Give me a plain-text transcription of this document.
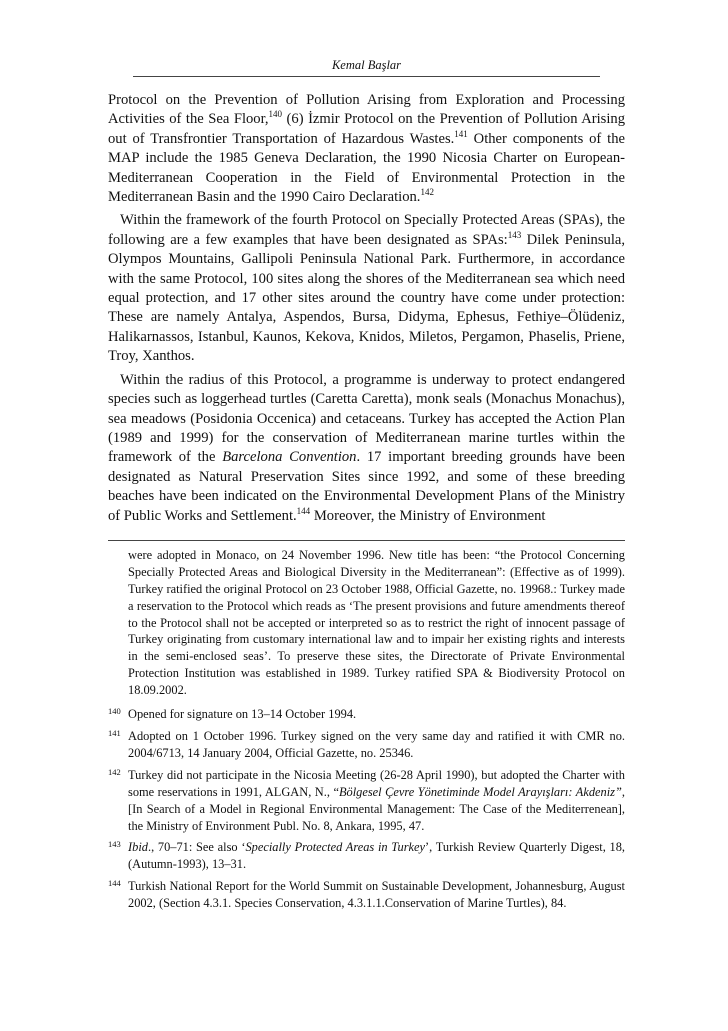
Kemal Başlar

Protocol on the Prevention of Pollution Arising from Exploration and Processing Activities of the Sea Floor,$^{140}$ (6) İzmir Protocol on the Prevention of Pollution Arising out of Transfrontier Transportation of Hazardous Wastes.$^{141}$ Other components of the MAP include the 1985 Geneva Declaration, the 1990 Nicosia Charter on European-Mediterranean Cooperation in the Field of Environmental Protection in the Mediterranean Basin and the 1990 Cairo Declaration.$^{142}$

Within the framework of the fourth Protocol on Specially Protected Areas (SPAs), the following are a few examples that have been designated as SPAs:$^{143}$ Dilek Peninsula, Olympos Mountains, Gallipoli Peninsula National Park. Furthermore, in accordance with the same Protocol, 100 sites along the shores of the Mediterranean sea which need equal protection, and 17 other sites around the country have come under protection: These are namely Antalya, Aspendos, Bursa, Didyma, Ephesus, Fethiye–Ölüdeniz, Halikarnassos, Istanbul, Kaunos, Kekova, Knidos, Miletos, Pergamon, Phaselis, Priene, Troy, Xanthos.

Within the radius of this Protocol, a programme is underway to protect endangered species such as loggerhead turtles (Caretta Caretta), monk seals (Monachus Monachus), sea meadows (Posidonia Occenica) and cetaceans. Turkey has accepted the Action Plan (1989 and 1999) for the conservation of Mediterranean marine turtles within the framework of the Barcelona Convention. 17 important breeding grounds have been designated as Natural Preservation Sites since 1992, and some of these breeding beaches have been indicated on the Environmental Development Plans of the Ministry of Public Works and Settlement.$^{144}$ Moreover, the Ministry of Environment

were adopted in Monaco, on 24 November 1996. New title has been: “the Protocol Concerning Specially Protected Areas and Biological Diversity in the Mediterranean”: (Effective as of 1999). Turkey ratified the original Protocol on 23 October 1988, Official Gazette, no. 19968.: Turkey made a reservation to the Protocol which reads as ‘The present provisions and future amendments thereof to the Protocol shall not be accepted or interpreted so as to restrict the right of innocent passage of Turkey originating from customary international law and to impair her existing rights and interests in the semi-enclosed seas’. To preserve these sites, the Directorate of Private Environmental Protection Institution was established in 1989. Turkey ratified SPA & Biodiversity Protocol on 18.09.2002.
140 Opened for signature on 13–14 October 1994.
141 Adopted on 1 October 1996. Turkey signed on the very same day and ratified it with CMR no. 2004/6713, 14 January 2004, Official Gazette, no. 25346.
142 Turkey did not participate in the Nicosia Meeting (26-28 April 1990), but adopted the Charter with some reservations in 1991, ALGAN, N., “Bölgesel Çevre Yönetiminde Model Arayışları: Akdeniz”, [In Search of a Model in Regional Environmental Management: The Case of the Mediterrenean], the Ministry of Environment Publ. No. 8, Ankara, 1995, 47.
143 Ibid., 70–71: See also ‘Specially Protected Areas in Turkey’, Turkish Review Quarterly Digest, 18, (Autumn-1993), 13–31.
144 Turkish National Report for the World Summit on Sustainable Development, Johannesburg, August 2002, (Section 4.3.1. Species Conservation, 4.3.1.1.Conservation of Marine Turtles), 84.
